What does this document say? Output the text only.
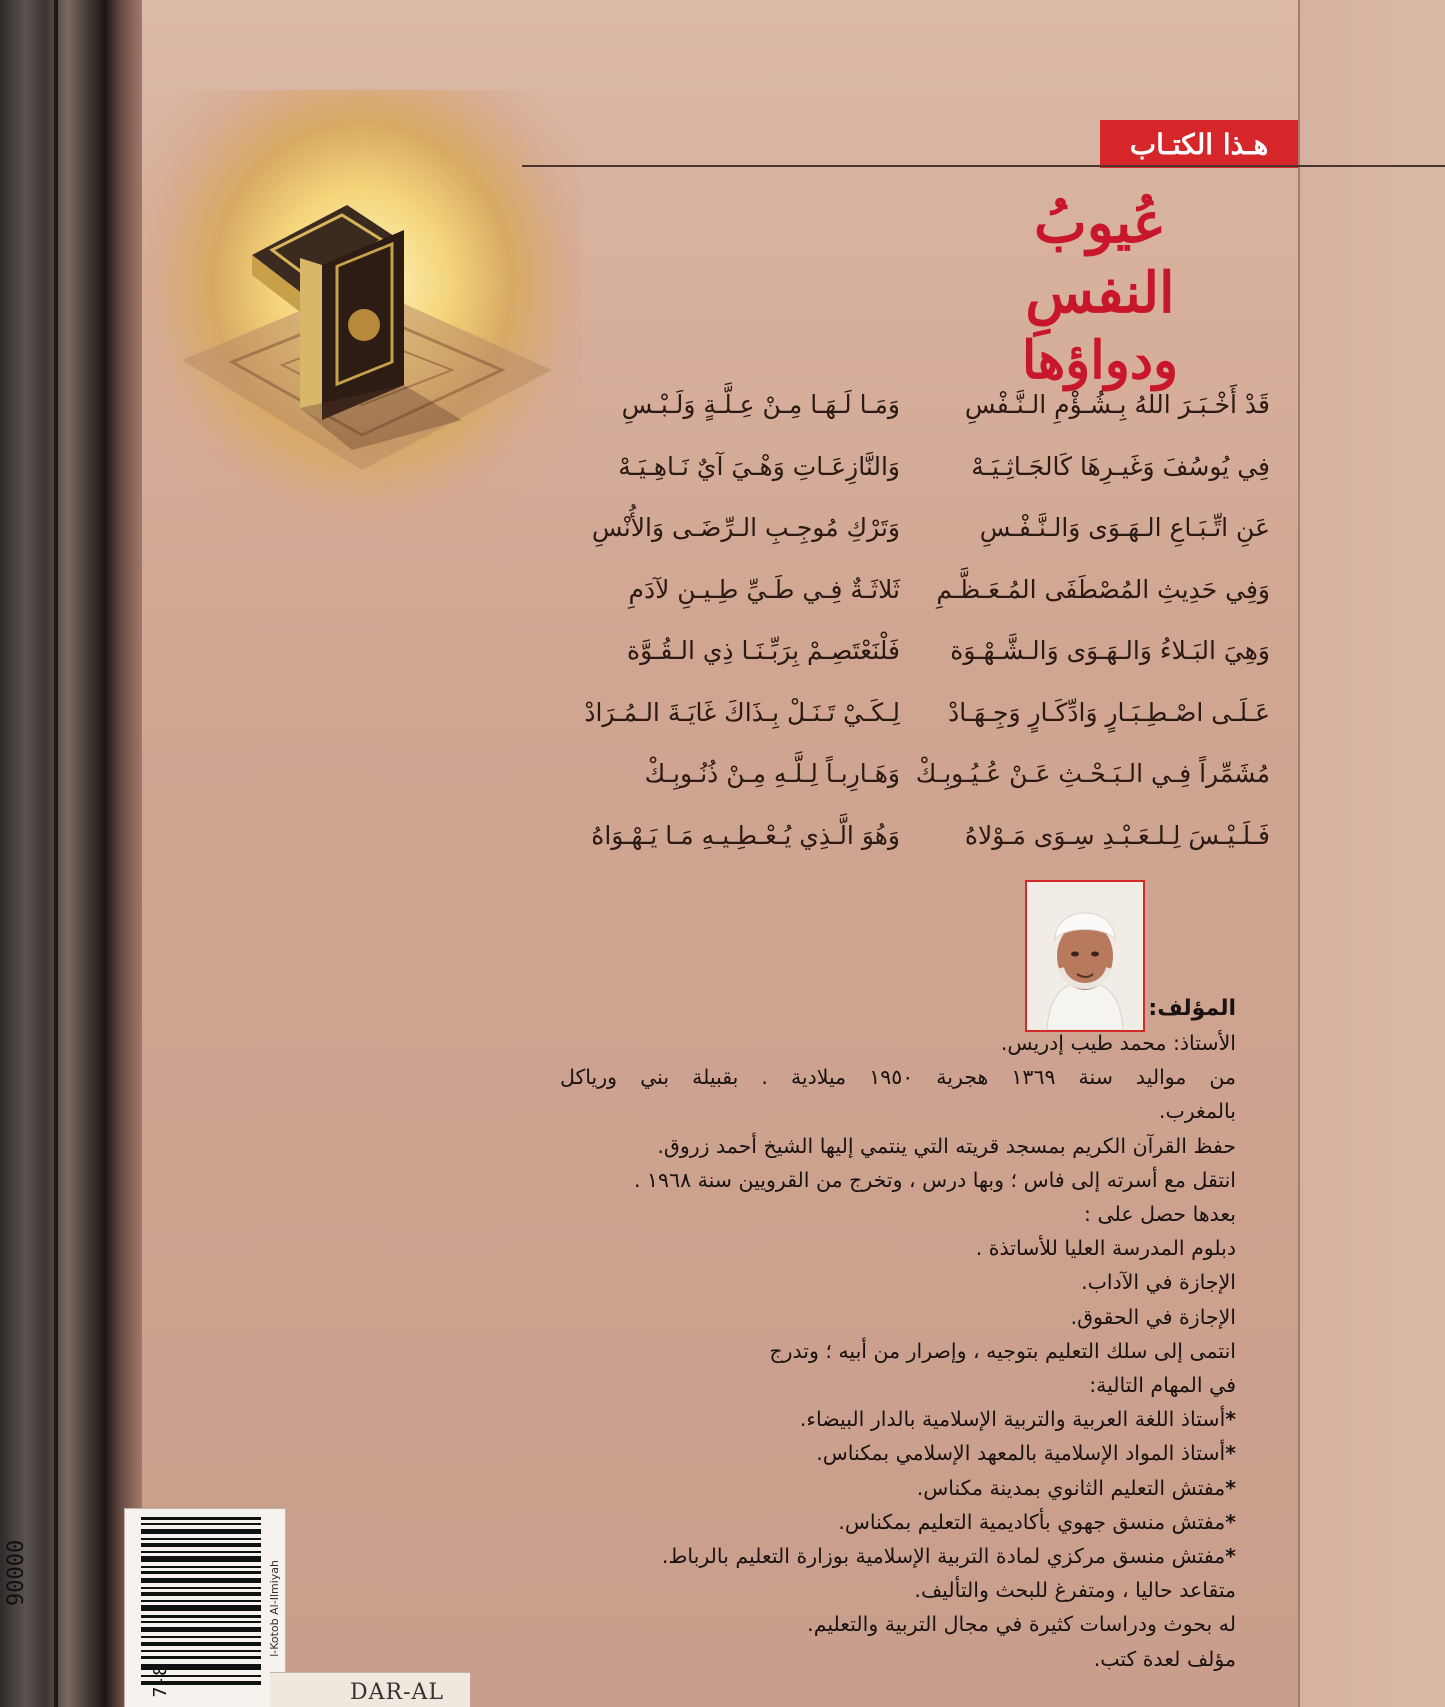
هـذا الكتـاب
عُيوبُ النفسِ
ودواؤها
قَدْ أَخْـبَـرَ اللهُ بِـشُـؤْمِ الـنَّـفْسِ
وَمَـا لَـهَـا مِـنْ عِـلَّـةٍ وَلَـبْـسِ
فِي يُوسُفَ وَغَيـرِهَا كَالجَـاثِـيَـهْ
وَالنَّازِعَـاتِ وَهْـيَ آيٌ نَـاهِـيَـهْ
عَنِ اتِّـبَـاعِ الـهَـوَى وَالـنَّـفْـسِ
وَتَرْكِ مُوجِـبِ الـرِّضَـى وَالأُنْسِ
وَفِي حَدِيثِ المُصْطَفَى المُـعَـظَّـمِ
ثَلاثَـةٌ فِـي طَـيِّ طِـيـنِ لآدَمِ
وَهِيَ البَـلاءُ وَالـهَـوَى وَالـشَّـهْـوَة
فَلْنَعْتَصِـمْ بِرَبِّـنَـا ذِي الـقُـوَّة
عَـلَـى اصْـطِـبَـارٍ وَادِّكَـارٍ وَجِـهَـادْ
لِـكَـيْ تَـنَـلْ بِـذَاكَ غَايَـةَ الـمُـرَادْ
مُشَمِّراً فِـي الـبَـحْـثِ عَـنْ عُـيُـوبِـكْ
وَهَـارِبـاً لِـلَّـهِ مِـنْ ذُنُـوبِـكْ
فَـلَـيْـسَ لِـلـعَـبْـدِ سِـوَى مَـوْلاهُ
وَهُوَ الَّـذِي يُـعْـطِـيـهِ مَـا يَـهْـوَاهُ
المؤلف:
الأستاذ: محمد طيب إدريس.
من مواليد سنة ١٣٦٩ هجرية ١٩٥٠ ميلادية . بقبيلة بني ورياكل
بالمغرب.
حفظ القرآن الكريم بمسجد قريته التي ينتمي إليها الشيخ أحمد زروق.
انتقل مع أسرته إلى فاس ؛ وبها درس ، وتخرج من القرويين سنة ١٩٦٨ .
بعدها حصل على :
دبلوم المدرسة العليا للأساتذة .
الإجازة في الآداب.
الإجازة في الحقوق.
انتمى إلى سلك التعليم بتوجيه ، وإصرار من أبيه ؛ وتدرج
في المهام التالية:
* أستاذ اللغة العربية والتربية الإسلامية بالدار البيضاء.
* أستاذ المواد الإسلامية بالمعهد الإسلامي بمكناس.
* مفتش التعليم الثانوي بمدينة مكناس.
* مفتش منسق جهوي بأكاديمية التعليم بمكناس.
* مفتش منسق مركزي لمادة التربية الإسلامية بوزارة التعليم بالرباط.
متقاعد حاليا ، ومتفرغ للبحث والتأليف.
له بحوث ودراسات كثيرة في مجال التربية والتعليم.
مؤلف لعدة كتب.
90000
7-8
l-Kotob Al-Ilmiyah
DAR-AL
